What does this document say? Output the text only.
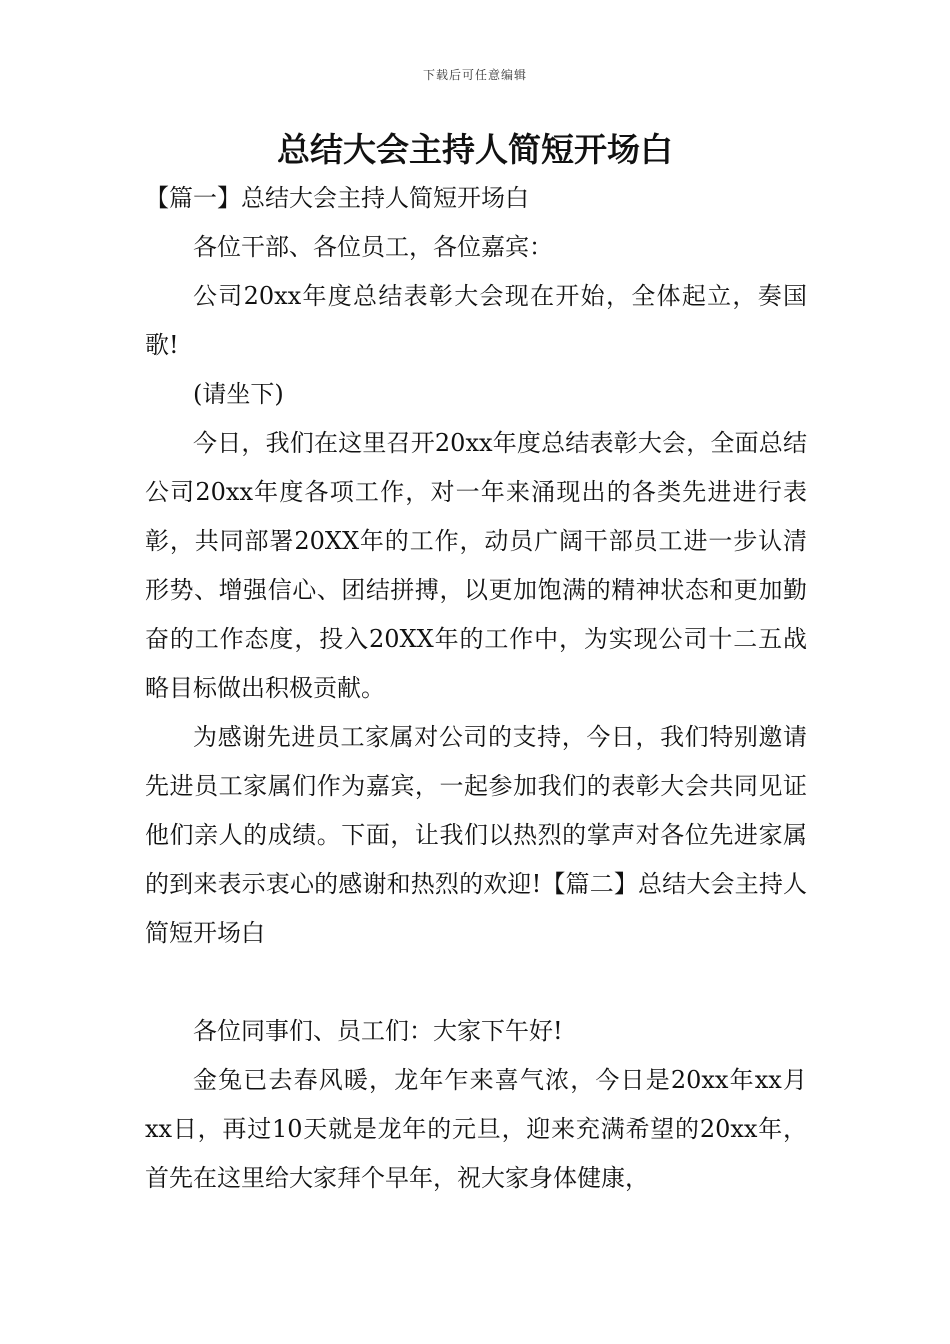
下载后可任意编辑
总结大会主持人简短开场白

【篇一】总结大会主持人简短开场白

各位干部、各位员工，各位嘉宾：

公司20xx年度总结表彰大会现在开始，全体起立，奏国歌!

(请坐下)

今日，我们在这里召开20xx年度总结表彰大会，全面总结公司20xx年度各项工作，对一年来涌现出的各类先进进行表彰，共同部署20XX年的工作，动员广阔干部员工进一步认清形势、增强信心、团结拼搏，以更加饱满的精神状态和更加勤奋的工作态度，投入20XX年的工作中，为实现公司十二五战略目标做出积极贡献。

为感谢先进员工家属对公司的支持，今日，我们特别邀请先进员工家属们作为嘉宾，一起参加我们的表彰大会共同见证他们亲人的成绩。下面，让我们以热烈的掌声对各位先进家属的到来表示衷心的感谢和热烈的欢迎!【篇二】总结大会主持人简短开场白

各位同事们、员工们：大家下午好!

金兔已去春风暖，龙年乍来喜气浓，今日是20xx年xx月xx日，再过10天就是龙年的元旦，迎来充满希望的20xx年，首先在这里给大家拜个早年，祝大家身体健康，
